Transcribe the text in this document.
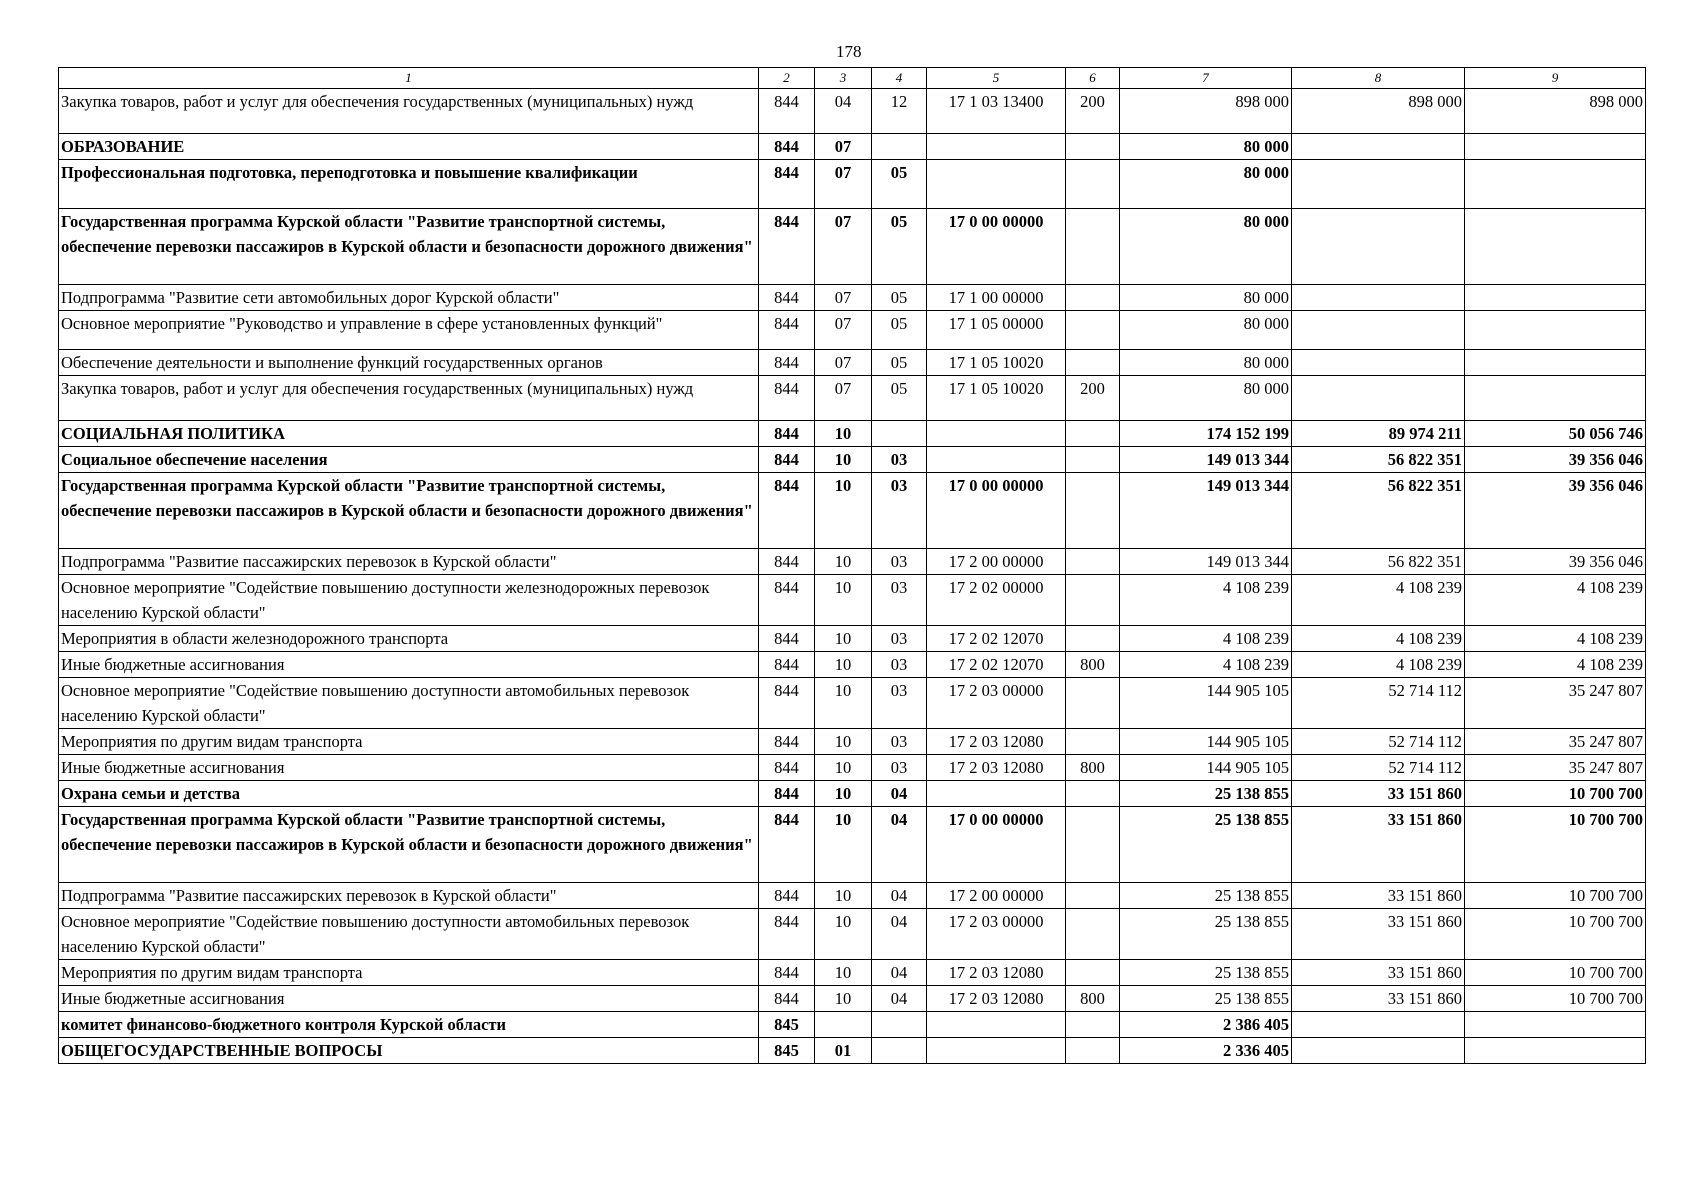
178
1	2	3	4	5	6	7	8	9
Закупка товаров, работ и услуг для обеспечения государственных (муниципальных) нужд	844	04	12	17 1 03 13400	200	898 000	898 000	898 000
ОБРАЗОВАНИЕ	844	07				80 000		
Профессиональная подготовка, переподготовка и повышение квалификации	844	07	05			80 000		
Государственная программа Курской области "Развитие транспортной системы, обеспечение перевозки пассажиров в Курской области и безопасности дорожного движения"	844	07	05	17 0 00 00000		80 000		
Подпрограмма "Развитие сети автомобильных дорог Курской области"	844	07	05	17 1 00 00000		80 000		
Основное мероприятие "Руководство и управление в сфере установленных функций"	844	07	05	17 1 05 00000		80 000		
Обеспечение деятельности и выполнение функций государственных органов	844	07	05	17 1 05 10020		80 000		
Закупка товаров, работ и услуг для обеспечения государственных (муниципальных) нужд	844	07	05	17 1 05 10020	200	80 000		
СОЦИАЛЬНАЯ ПОЛИТИКА	844	10				174 152 199	89 974 211	50 056 746
Социальное обеспечение населения	844	10	03			149 013 344	56 822 351	39 356 046
Государственная программа Курской области "Развитие транспортной системы, обеспечение перевозки пассажиров в Курской области и безопасности дорожного движения"	844	10	03	17 0 00 00000		149 013 344	56 822 351	39 356 046
Подпрограмма "Развитие пассажирских перевозок в Курской области"	844	10	03	17 2 00 00000		149 013 344	56 822 351	39 356 046
Основное мероприятие "Содействие повышению доступности железнодорожных перевозок населению Курской области"	844	10	03	17 2 02 00000		4 108 239	4 108 239	4 108 239
Мероприятия в области железнодорожного транспорта	844	10	03	17 2 02 12070		4 108 239	4 108 239	4 108 239
Иные бюджетные ассигнования	844	10	03	17 2 02 12070	800	4 108 239	4 108 239	4 108 239
Основное мероприятие "Содействие повышению доступности автомобильных перевозок населению Курской области"	844	10	03	17 2 03 00000		144 905 105	52 714 112	35 247 807
Мероприятия по другим видам транспорта	844	10	03	17 2 03 12080		144 905 105	52 714 112	35 247 807
Иные бюджетные ассигнования	844	10	03	17 2 03 12080	800	144 905 105	52 714 112	35 247 807
Охрана семьи и детства	844	10	04			25 138 855	33 151 860	10 700 700
Государственная программа Курской области "Развитие транспортной системы, обеспечение перевозки пассажиров в Курской области и безопасности дорожного движения"	844	10	04	17 0 00 00000		25 138 855	33 151 860	10 700 700
Подпрограмма "Развитие пассажирских перевозок в Курской области"	844	10	04	17 2 00 00000		25 138 855	33 151 860	10 700 700
Основное мероприятие "Содействие повышению доступности автомобильных перевозок населению Курской области"	844	10	04	17 2 03 00000		25 138 855	33 151 860	10 700 700
Мероприятия по другим видам транспорта	844	10	04	17 2 03 12080		25 138 855	33 151 860	10 700 700
Иные бюджетные ассигнования	844	10	04	17 2 03 12080	800	25 138 855	33 151 860	10 700 700
комитет финансово-бюджетного контроля Курской области	845					2 386 405		
ОБЩЕГОСУДАРСТВЕННЫЕ ВОПРОСЫ	845	01				2 336 405		
